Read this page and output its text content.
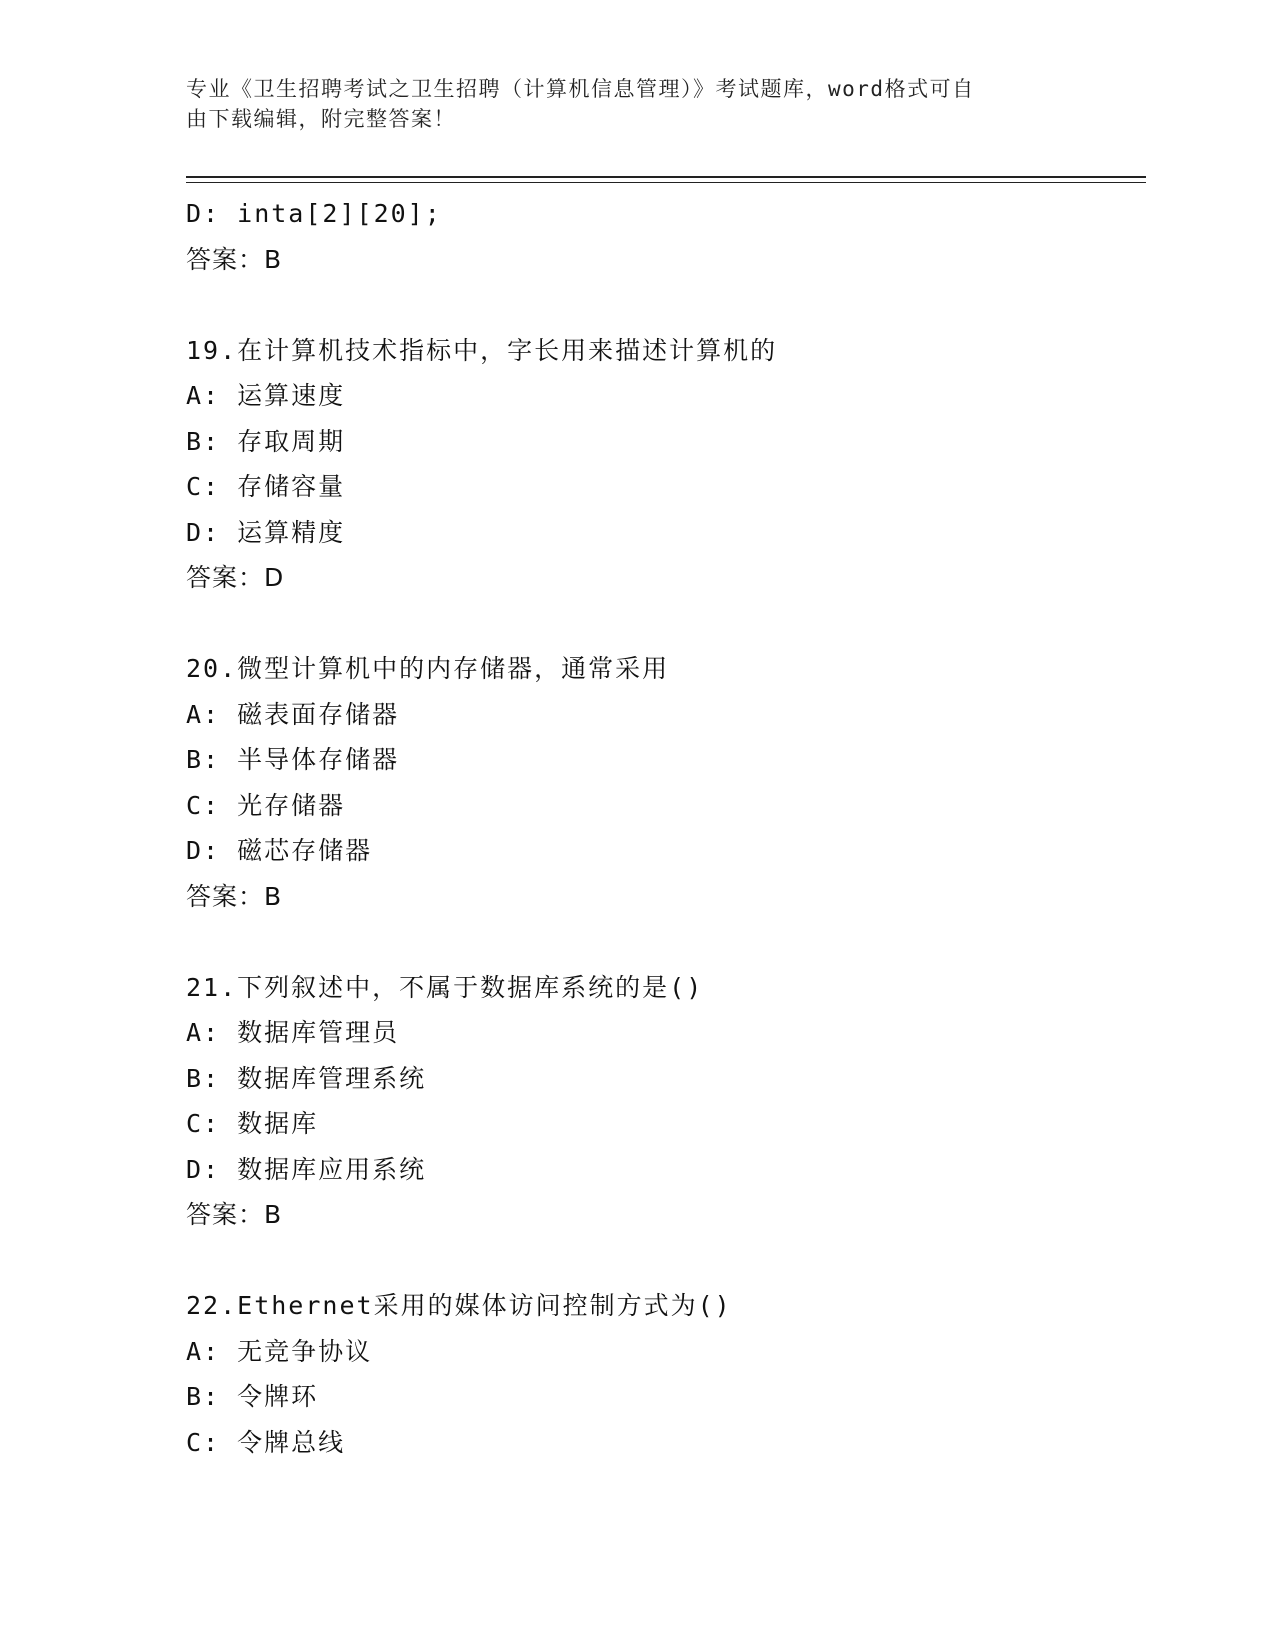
专业《卫生招聘考试之卫生招聘（计算机信息管理）》考试题库，word格式可自
由下载编辑，附完整答案！
D: inta[2][20];
答案：B
19.在计算机技术指标中，字长用来描述计算机的
A: 运算速度
B: 存取周期
C: 存储容量
D: 运算精度
答案：D
20.微型计算机中的内存储器，通常采用
A: 磁表面存储器
B: 半导体存储器
C: 光存储器
D: 磁芯存储器
答案：B
21.下列叙述中，不属于数据库系统的是()
A: 数据库管理员
B: 数据库管理系统
C: 数据库
D: 数据库应用系统
答案：B
22.Ethernet采用的媒体访问控制方式为()
A: 无竞争协议
B: 令牌环
C: 令牌总线
